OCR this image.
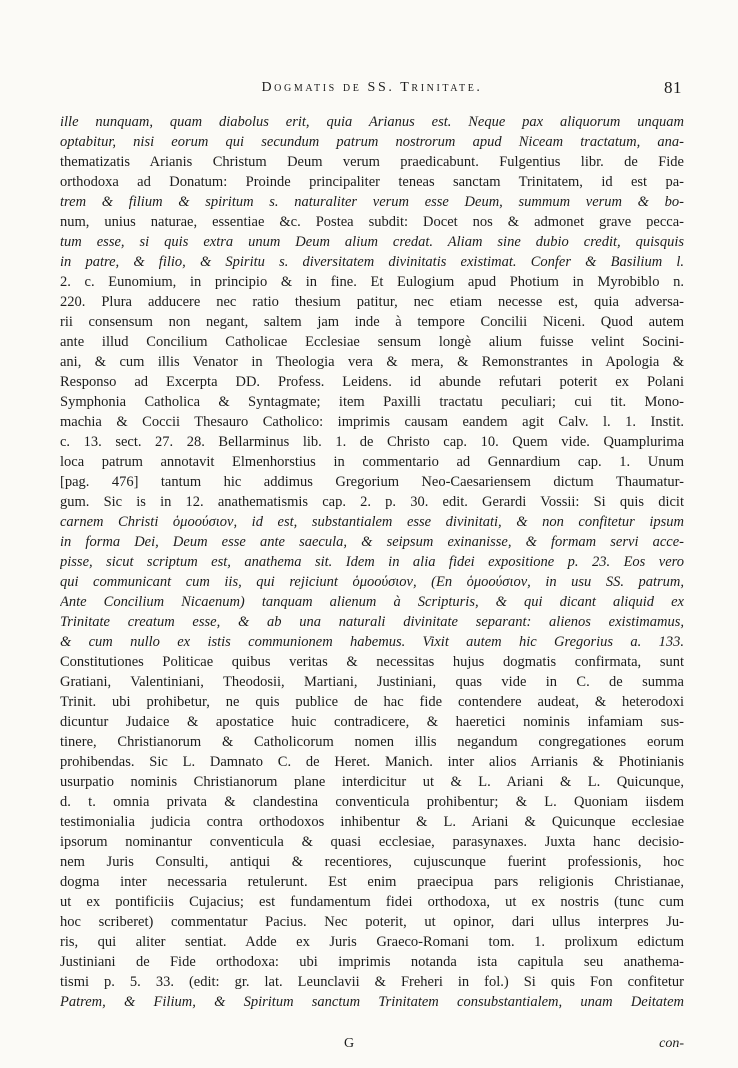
Dogmatis de SS. Trinitate.	81
ille nunquam, quam diabolus erit, quia Arianus est. Neque pax aliquorum unquam
optabitur, nisi eorum qui secundum patrum nostrorum apud Niceam tractatum, ana-
thematizatis Arianis Christum Deum verum praedicabunt. Fulgentius libr. de Fide
orthodoxa ad Donatum: Proinde principaliter teneas sanctam Trinitatem, id est pa-
trem & filium & spiritum s. naturaliter verum esse Deum, summum verum & bo-
num, unius naturae, essentiae &c. Postea subdit: Docet nos & admonet grave pecca-
tum esse, si quis extra unum Deum alium credat. Aliam sine dubio credit, quisquis
in patre, & filio, & Spiritu s. diversitatem divinitatis existimat. Confer & Basilium l.
2. c. Eunomium, in principio & in fine. Et Eulogium apud Photium in Myrobiblo n.
220. Plura adducere nec ratio thesium patitur, nec etiam necesse est, quia adversa-
rii consensum non negant, saltem jam inde à tempore Concilii Niceni. Quod autem
ante illud Concilium Catholicae Ecclesiae sensum longè alium fuisse velint Socini-
ani, & cum illis Venator in Theologia vera & mera, & Remonstrantes in Apologia &
Responso ad Excerpta DD. Profess. Leidens. id abunde refutari poterit ex Polani
Symphonia Catholica & Syntagmate; item Paxilli tractatu peculiari; cui tit. Mono-
machia & Coccii Thesauro Catholico: imprimis causam eandem agit Calv. l. 1. Instit.
c. 13. sect. 27. 28. Bellarminus lib. 1. de Christo cap. 10. Quem vide. Quamplurima
loca patrum annotavit Elmenhorstius in commentario ad Gennardium cap. 1. Unum
[pag. 476] tantum hic addimus Gregorium Neo-Caesariensem dictum Thaumatur-
gum. Sic is in 12. anathematismis cap. 2. p. 30. edit. Gerardi Vossii: Si quis dicit
carnem Christi ὁμοούσιον, id est, substantialem esse divinitati, & non confitetur ipsum
in forma Dei, Deum esse ante saecula, & seipsum exinanisse, & formam servi acce-
pisse, sicut scriptum est, anathema sit. Idem in alia fidei expositione p. 23. Eos vero
qui communicant cum iis, qui rejiciunt ὁμοούσιον, (En ὁμοούσιον, in usu SS. patrum,
Ante Concilium Nicaenum) tanquam alienum à Scripturis, & qui dicant aliquid ex
Trinitate creatum esse, & ab una naturali divinitate separant: alienos existimamus,
& cum nullo ex istis communionem habemus. Vixit autem hic Gregorius a. 133.
Constitutiones Politicae quibus veritas & necessitas hujus dogmatis confirmata, sunt
Gratiani, Valentiniani, Theodosii, Martiani, Justiniani, quas vide in C. de summa
Trinit. ubi prohibetur, ne quis publice de hac fide contendere audeat, & heterodoxi
dicuntur Judaice & apostatice huic contradicere, & haeretici nominis infamiam sus-
tinere, Christianorum & Catholicorum nomen illis negandum congregationes eorum
prohibendas. Sic L. Damnato C. de Heret. Manich. inter alios Arrianis & Photinianis
usurpatio nominis Christianorum plane interdicitur ut & L. Ariani & L. Quicunque,
d. t. omnia privata & clandestina conventicula prohibentur; & L. Quoniam iisdem
testimonialia judicia contra orthodoxos inhibentur & L. Ariani & Quicunque ecclesiae
ipsorum nominantur conventicula & quasi ecclesiae, parasynaxes. Juxta hanc decisio-
nem Juris Consulti, antiqui & recentiores, cujuscunque fuerint professionis, hoc
dogma inter necessaria retulerunt. Est enim praecipua pars religionis Christianae,
ut ex pontificiis Cujacius; est fundamentum fidei orthodoxa, ut ex nostris (tunc cum
hoc scriberet) commentatur Pacius. Nec poterit, ut opinor, dari ullus interpres Ju-
ris, qui aliter sentiat. Adde ex Juris Graeco-Romani tom. 1. prolixum edictum
Justiniani de Fide orthodoxa: ubi imprimis notanda ista capitula seu anathema-
tismi p. 5. 33. (edit: gr. lat. Leunclavii & Freheri in fol.) Si quis Fon confitetur
Patrem, & Filium, & Spiritum sanctum Trinitatem consubstantialem, unam Deitatem
G	con-
